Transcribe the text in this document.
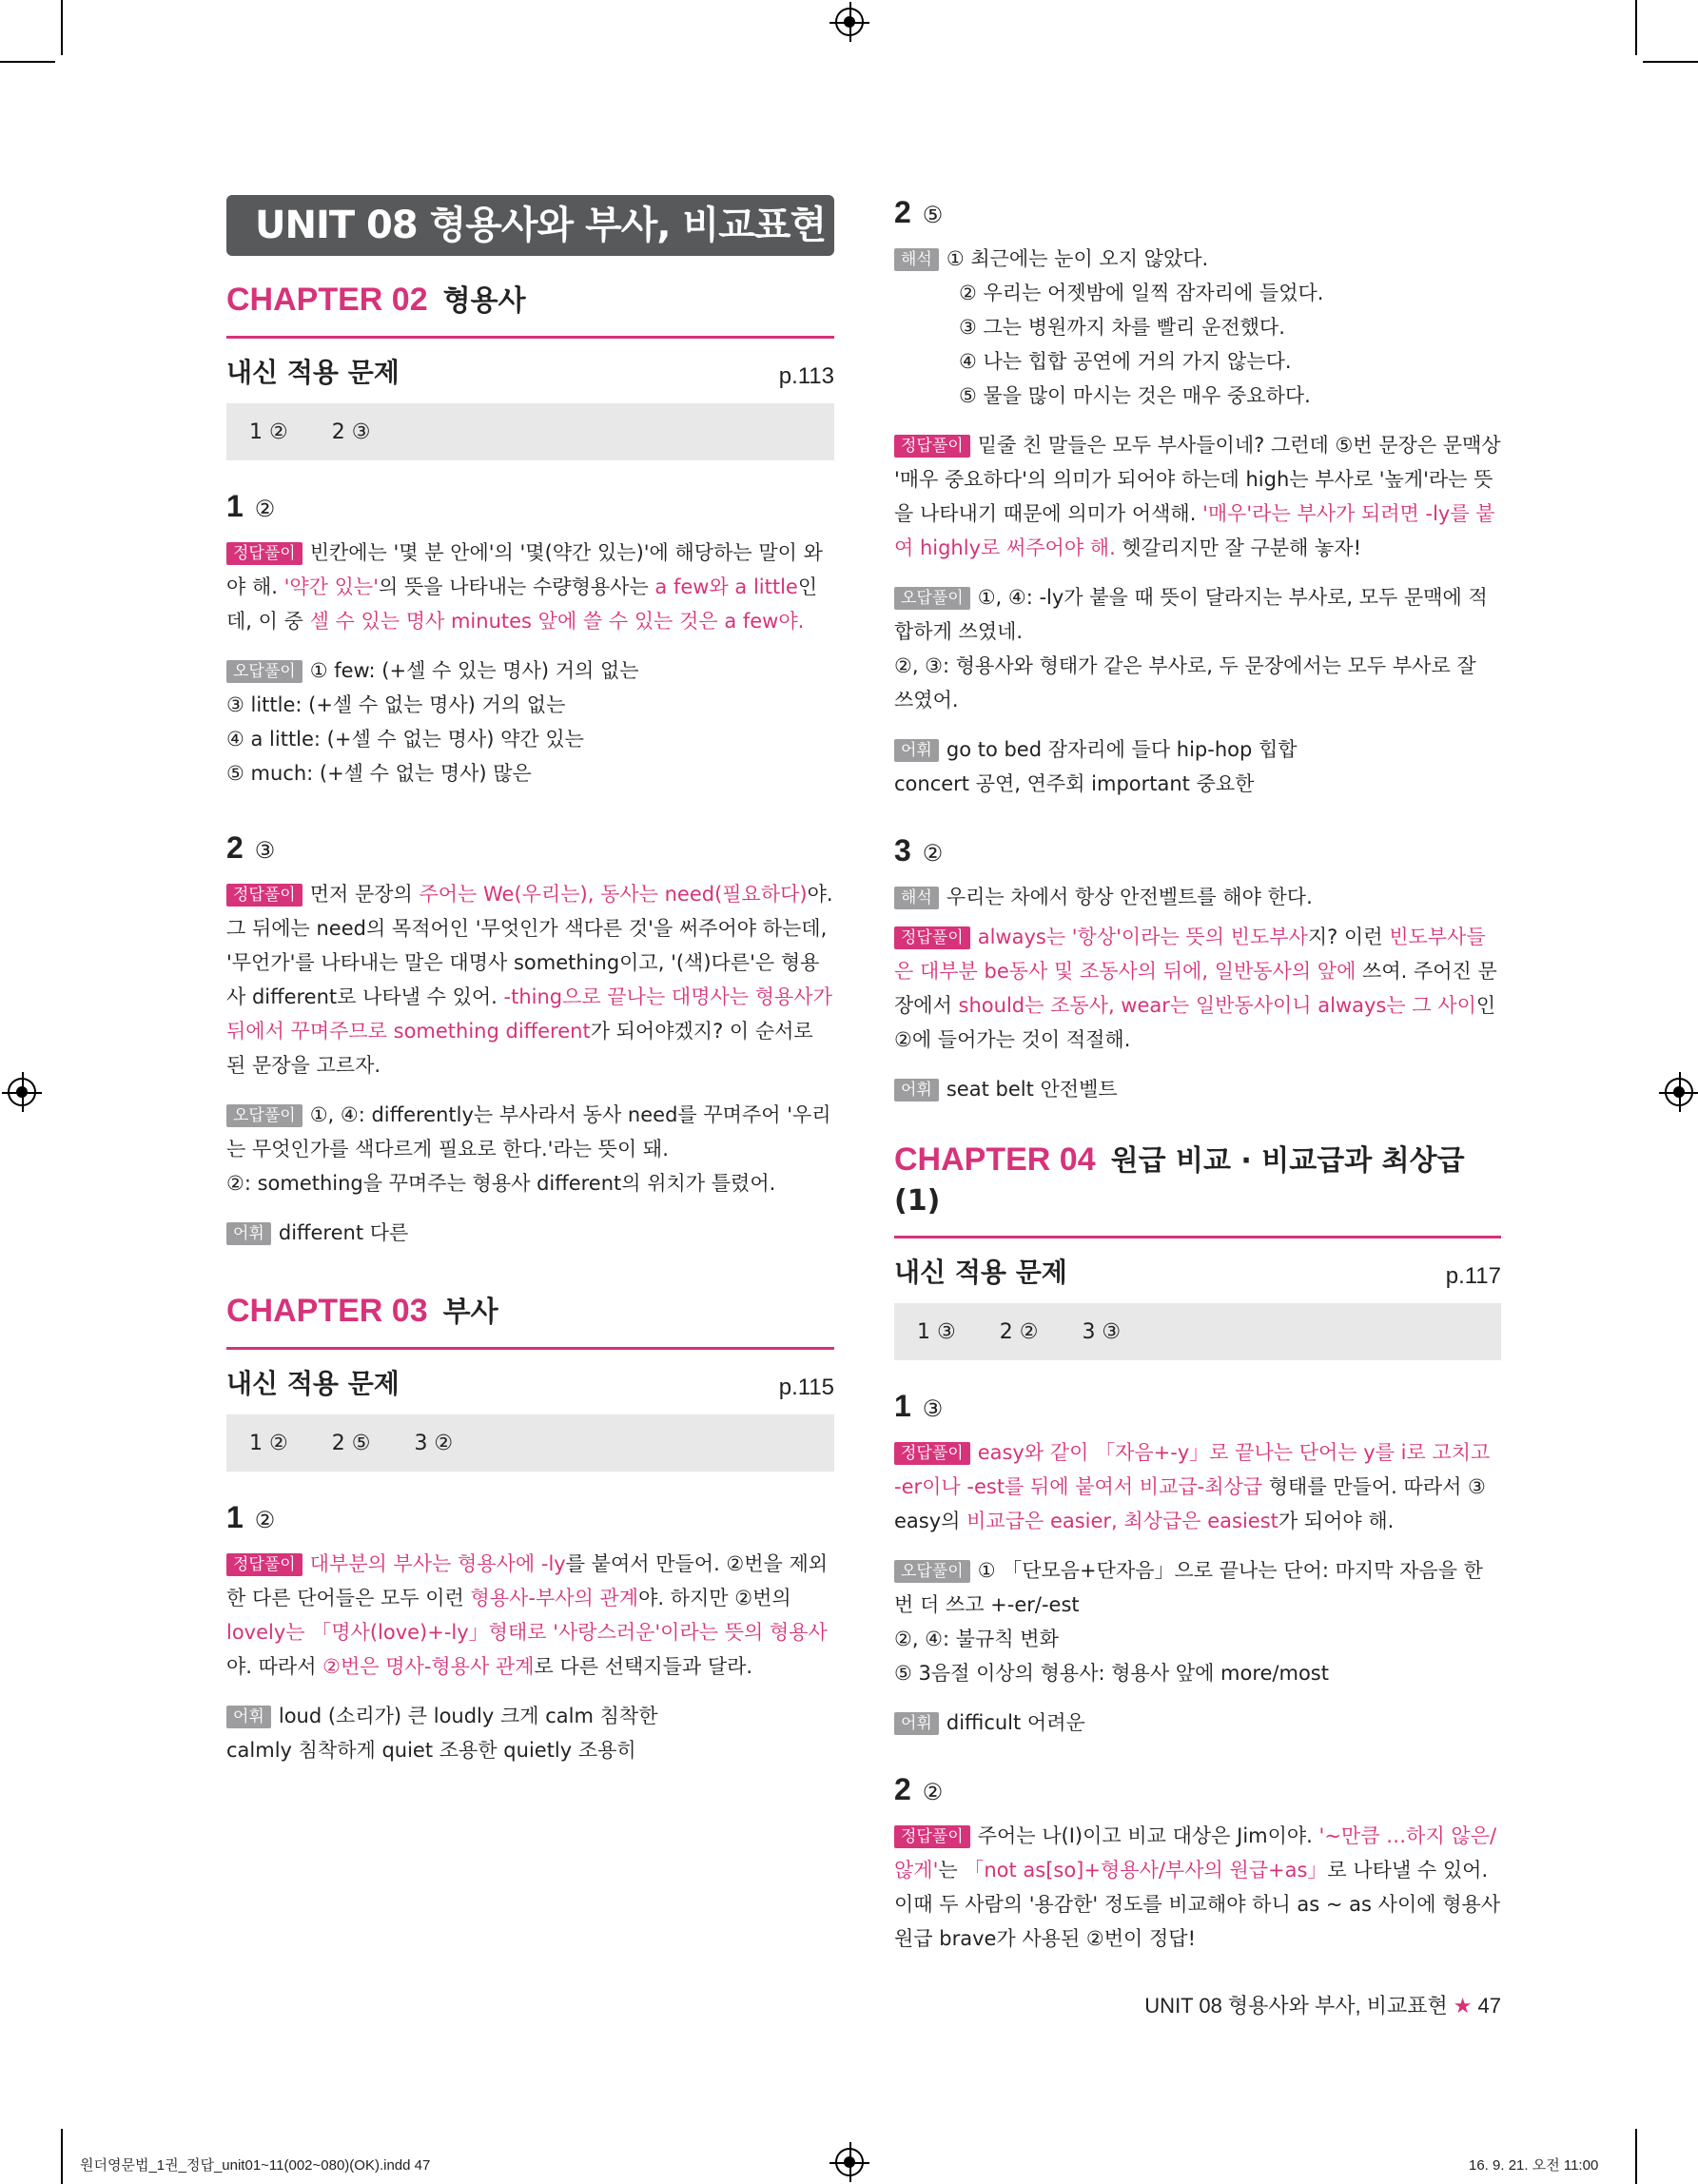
UNIT 08 형용사와 부사, 비교표현
CHAPTER 02 형용사
내신 적용 문제	p.113
1 ② 2 ③
1 ②
정답풀이 빈칸에는 '몇 분 안에'의 '몇(약간 있는)'에 해당하는 말이 와야 해. '약간 있는'의 뜻을 나타내는 수량형용사는 a few와 a little인데, 이 중 셀 수 있는 명사 minutes 앞에 쓸 수 있는 것은 a few야.
오답풀이 ① few: (+셀 수 있는 명사) 거의 없는
③ little: (+셀 수 없는 명사) 거의 없는
④ a little: (+셀 수 없는 명사) 약간 있는
⑤ much: (+셀 수 없는 명사) 많은
2 ③
정답풀이 먼저 문장의 주어는 We(우리는), 동사는 need(필요하다)야. 그 뒤에는 need의 목적어인 '무엇인가 색다른 것'을 써주어야 하는데, '무언가'를 나타내는 말은 대명사 something이고, '(색)다른'은 형용사 different로 나타낼 수 있어. -thing으로 끝나는 대명사는 형용사가 뒤에서 꾸며주므로 something different가 되어야겠지? 이 순서로 된 문장을 고르자.
오답풀이 ①, ④: differently는 부사라서 동사 need를 꾸며주어 '우리는 무엇인가를 색다르게 필요로 한다.'라는 뜻이 돼.
②: something을 꾸며주는 형용사 different의 위치가 틀렸어.
어휘 different 다른
CHAPTER 03 부사
내신 적용 문제	p.115
1 ② 2 ⑤ 3 ②
1 ②
정답풀이 대부분의 부사는 형용사에 -ly를 붙여서 만들어. ②번을 제외한 다른 단어들은 모두 이런 형용사-부사의 관계야. 하지만 ②번의 lovely는 「명사(love)+-ly」형태로 '사랑스러운'이라는 뜻의 형용사야. 따라서 ②번은 명사-형용사 관계로 다른 선택지들과 달라.
어휘 loud (소리가) 큰 loudly 크게 calm 침착한
calmly 침착하게 quiet 조용한 quietly 조용히
2 ⑤
해석 ① 최근에는 눈이 오지 않았다.
② 우리는 어젯밤에 일찍 잠자리에 들었다.
③ 그는 병원까지 차를 빨리 운전했다.
④ 나는 힙합 공연에 거의 가지 않는다.
⑤ 물을 많이 마시는 것은 매우 중요하다.
정답풀이 밑줄 친 말들은 모두 부사들이네? 그런데 ⑤번 문장은 문맥상 '매우 중요하다'의 의미가 되어야 하는데 high는 부사로 '높게'라는 뜻을 나타내기 때문에 의미가 어색해. '매우'라는 부사가 되려면 -ly를 붙여 highly로 써주어야 해. 헷갈리지만 잘 구분해 놓자!
오답풀이 ①, ④: -ly가 붙을 때 뜻이 달라지는 부사로, 모두 문맥에 적합하게 쓰였네.
②, ③: 형용사와 형태가 같은 부사로, 두 문장에서는 모두 부사로 잘 쓰였어.
어휘 go to bed 잠자리에 들다 hip-hop 힙합
concert 공연, 연주회 important 중요한
3 ②
해석 우리는 차에서 항상 안전벨트를 해야 한다.
정답풀이 always는 '항상'이라는 뜻의 빈도부사지? 이런 빈도부사들은 대부분 be동사 및 조동사의 뒤에, 일반동사의 앞에 쓰여. 주어진 문장에서 should는 조동사, wear는 일반동사이니 always는 그 사이인 ②에 들어가는 것이 적절해.
어휘 seat belt 안전벨트
CHAPTER 04 원급 비교 · 비교급과 최상급(1)
내신 적용 문제	p.117
1 ③ 2 ② 3 ③
1 ③
정답풀이 easy와 같이 「자음+-y」로 끝나는 단어는 y를 i로 고치고 -er이나 -est를 뒤에 붙여서 비교급-최상급 형태를 만들어. 따라서 ③ easy의 비교급은 easier, 최상급은 easiest가 되어야 해.
오답풀이 ① 「단모음+단자음」으로 끝나는 단어: 마지막 자음을 한 번 더 쓰고 +-er/-est
②, ④: 불규칙 변화
⑤ 3음절 이상의 형용사: 형용사 앞에 more/most
어휘 difficult 어려운
2 ②
정답풀이 주어는 나(I)이고 비교 대상은 Jim이야. '~만큼 …하지 않은/않게'는 「not as[so]+형용사/부사의 원급+as」로 나타낼 수 있어. 이때 두 사람의 '용감한' 정도를 비교해야 하니 as ~ as 사이에 형용사 원급 brave가 사용된 ②번이 정답!
UNIT 08 형용사와 부사, 비교표현 ★ 47
원더영문법_1권_정답_unit01~11(002~080)(OK).indd 47	16. 9. 21. 오전 11:00
